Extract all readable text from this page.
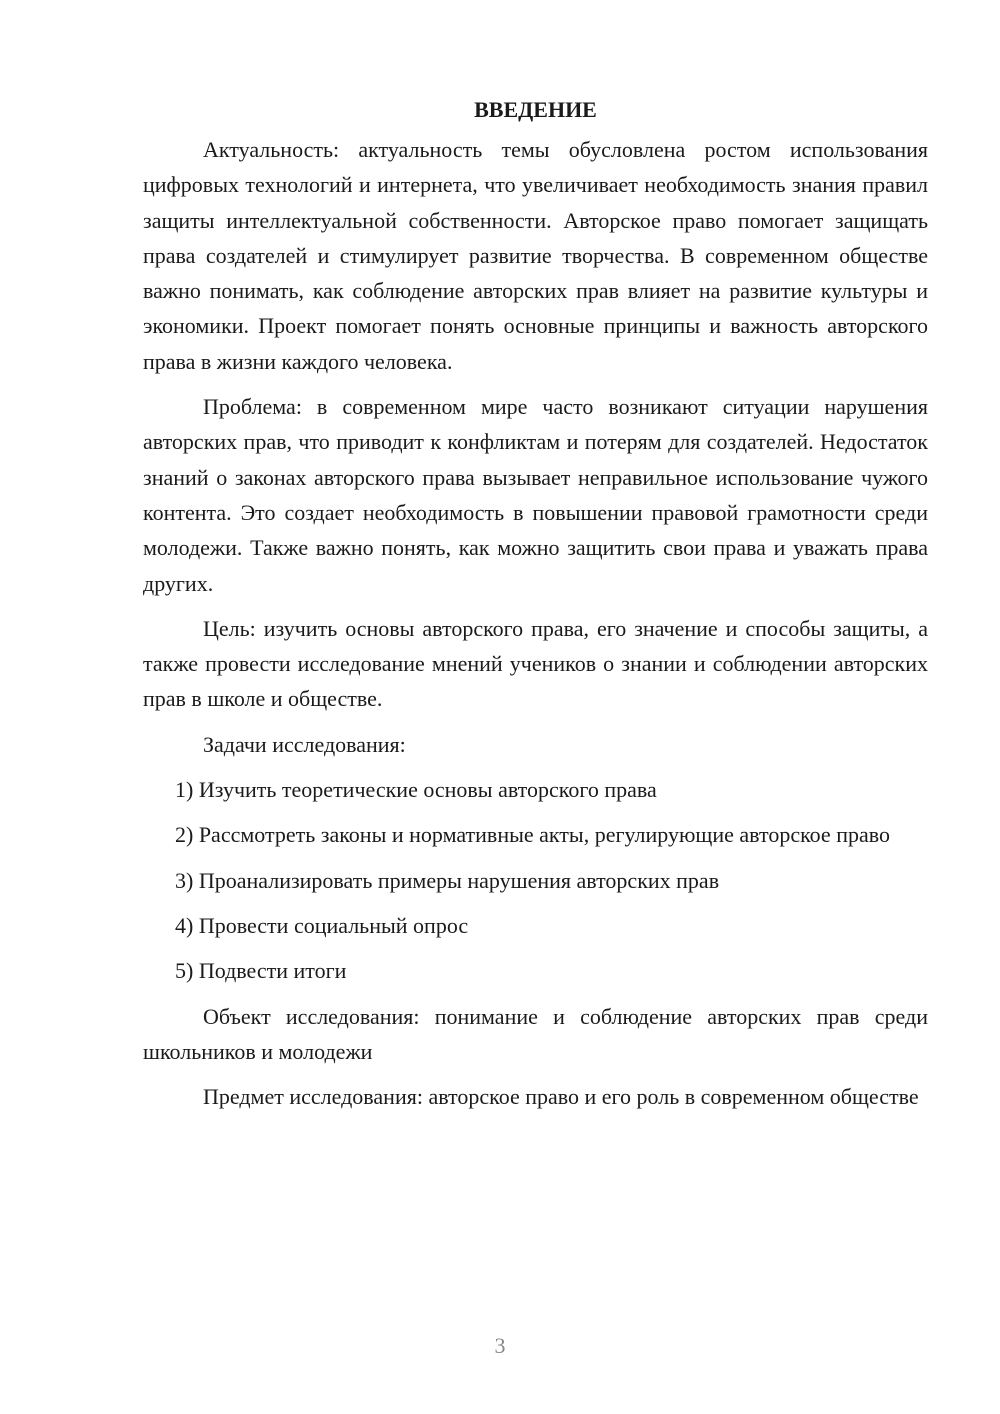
ВВЕДЕНИЕ

Актуальность: актуальность темы обусловлена ростом использования цифровых технологий и интернета, что увеличивает необходимость знания правил защиты интеллектуальной собственности. Авторское право помогает защищать права создателей и стимулирует развитие творчества. В современном обществе важно понимать, как соблюдение авторских прав влияет на развитие культуры и экономики. Проект помогает понять основные принципы и важность авторского права в жизни каждого человека.

Проблема: в современном мире часто возникают ситуации нарушения авторских прав, что приводит к конфликтам и потерям для создателей. Недостаток знаний о законах авторского права вызывает неправильное использование чужого контента. Это создает необходимость в повышении правовой грамотности среди молодежи. Также важно понять, как можно защитить свои права и уважать права других.

Цель: изучить основы авторского права, его значение и способы защиты, а также провести исследование мнений учеников о знании и соблюдении авторских прав в школе и обществе.

Задачи исследования:

1) Изучить теоретические основы авторского права

2) Рассмотреть законы и нормативные акты, регулирующие авторское право

3) Проанализировать примеры нарушения авторских прав

4) Провести социальный опрос

5) Подвести итоги

Объект исследования: понимание и соблюдение авторских прав среди школьников и молодежи

Предмет исследования: авторское право и его роль в современном обществе

3
